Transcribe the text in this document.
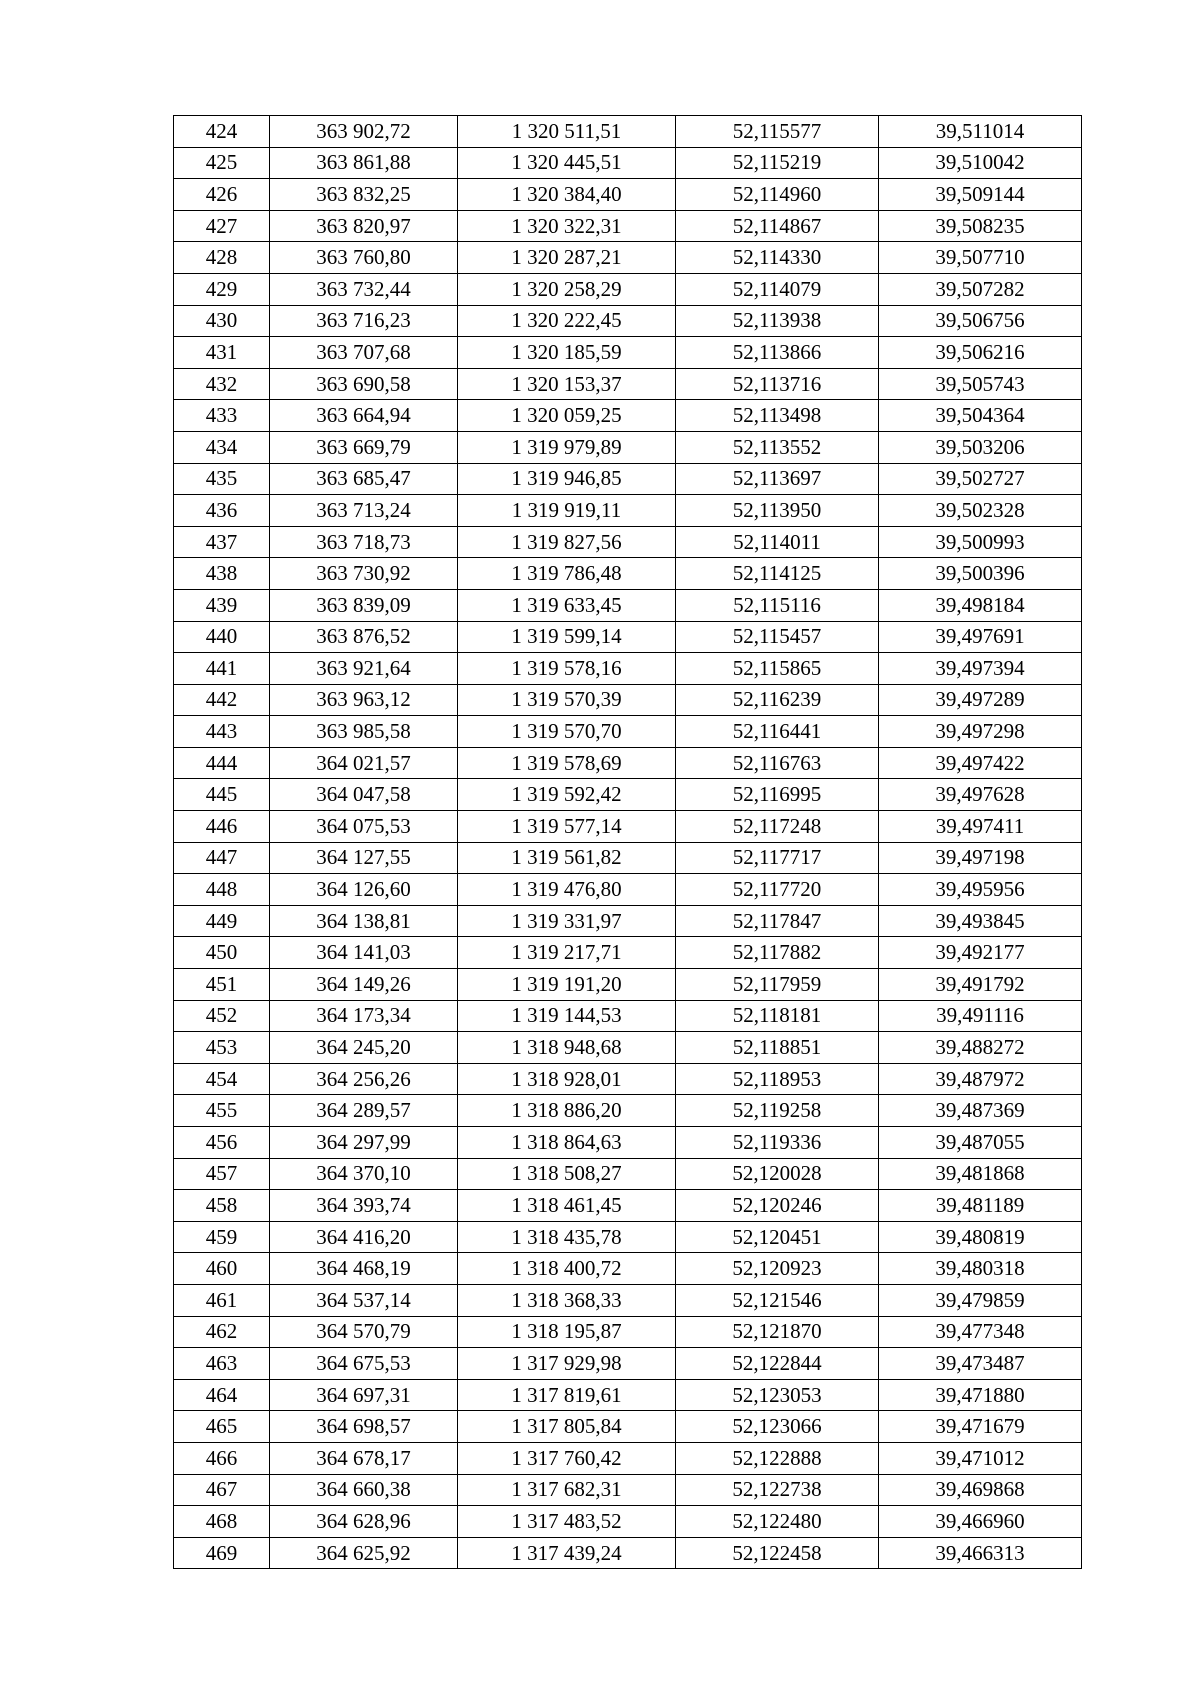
424	363 902,72	1 320 511,51	52,115577	39,511014
425	363 861,88	1 320 445,51	52,115219	39,510042
426	363 832,25	1 320 384,40	52,114960	39,509144
427	363 820,97	1 320 322,31	52,114867	39,508235
428	363 760,80	1 320 287,21	52,114330	39,507710
429	363 732,44	1 320 258,29	52,114079	39,507282
430	363 716,23	1 320 222,45	52,113938	39,506756
431	363 707,68	1 320 185,59	52,113866	39,506216
432	363 690,58	1 320 153,37	52,113716	39,505743
433	363 664,94	1 320 059,25	52,113498	39,504364
434	363 669,79	1 319 979,89	52,113552	39,503206
435	363 685,47	1 319 946,85	52,113697	39,502727
436	363 713,24	1 319 919,11	52,113950	39,502328
437	363 718,73	1 319 827,56	52,114011	39,500993
438	363 730,92	1 319 786,48	52,114125	39,500396
439	363 839,09	1 319 633,45	52,115116	39,498184
440	363 876,52	1 319 599,14	52,115457	39,497691
441	363 921,64	1 319 578,16	52,115865	39,497394
442	363 963,12	1 319 570,39	52,116239	39,497289
443	363 985,58	1 319 570,70	52,116441	39,497298
444	364 021,57	1 319 578,69	52,116763	39,497422
445	364 047,58	1 319 592,42	52,116995	39,497628
446	364 075,53	1 319 577,14	52,117248	39,497411
447	364 127,55	1 319 561,82	52,117717	39,497198
448	364 126,60	1 319 476,80	52,117720	39,495956
449	364 138,81	1 319 331,97	52,117847	39,493845
450	364 141,03	1 319 217,71	52,117882	39,492177
451	364 149,26	1 319 191,20	52,117959	39,491792
452	364 173,34	1 319 144,53	52,118181	39,491116
453	364 245,20	1 318 948,68	52,118851	39,488272
454	364 256,26	1 318 928,01	52,118953	39,487972
455	364 289,57	1 318 886,20	52,119258	39,487369
456	364 297,99	1 318 864,63	52,119336	39,487055
457	364 370,10	1 318 508,27	52,120028	39,481868
458	364 393,74	1 318 461,45	52,120246	39,481189
459	364 416,20	1 318 435,78	52,120451	39,480819
460	364 468,19	1 318 400,72	52,120923	39,480318
461	364 537,14	1 318 368,33	52,121546	39,479859
462	364 570,79	1 318 195,87	52,121870	39,477348
463	364 675,53	1 317 929,98	52,122844	39,473487
464	364 697,31	1 317 819,61	52,123053	39,471880
465	364 698,57	1 317 805,84	52,123066	39,471679
466	364 678,17	1 317 760,42	52,122888	39,471012
467	364 660,38	1 317 682,31	52,122738	39,469868
468	364 628,96	1 317 483,52	52,122480	39,466960
469	364 625,92	1 317 439,24	52,122458	39,466313
